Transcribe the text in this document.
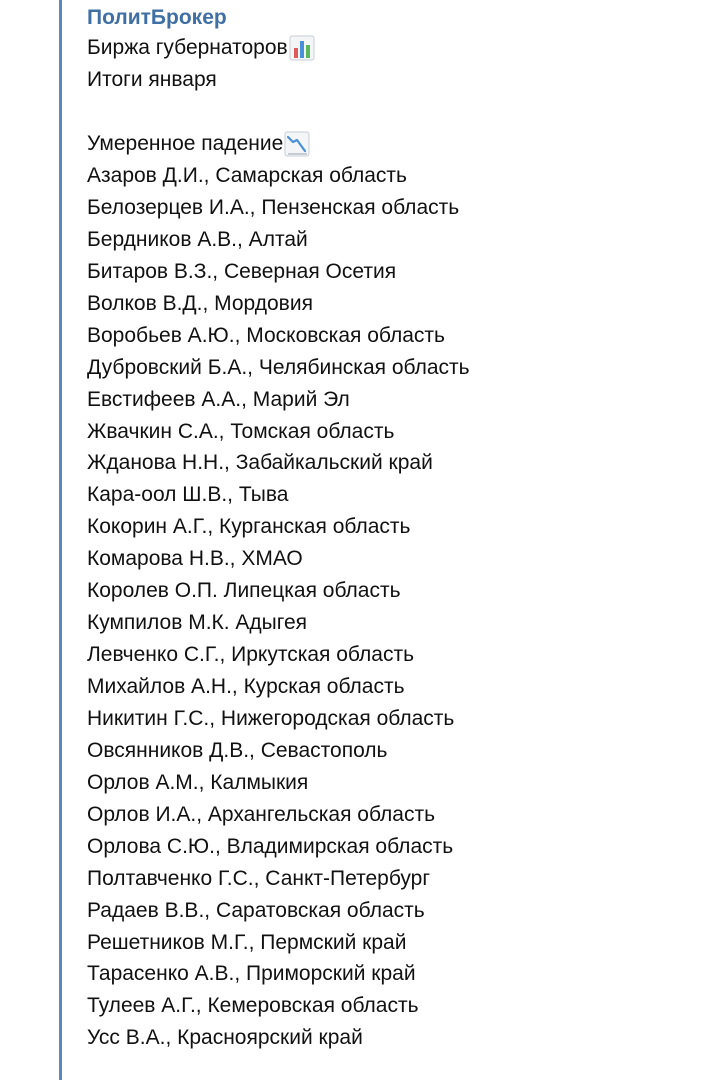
ПолитБрокер
Биржа губернаторов
Итоги января
Умеренное падение
Азаров Д.И., Самарская область
Белозерцев И.А., Пензенская область
Бердников А.В., Алтай
Битаров В.З., Северная Осетия
Волков В.Д., Мордовия
Воробьев А.Ю., Московская область
Дубровский Б.А., Челябинская область
Евстифеев А.А., Марий Эл
Жвачкин С.А., Томская область
Жданова Н.Н., Забайкальский край
Кара-оол Ш.В., Тыва
Кокорин А.Г., Курганская область
Комарова Н.В., ХМАО
Королев О.П. Липецкая область
Кумпилов М.К. Адыгея
Левченко С.Г., Иркутская область
Михайлов А.Н., Курская область
Никитин Г.С., Нижегородская область
Овсянников Д.В., Севастополь
Орлов А.М., Калмыкия
Орлов И.А., Архангельская область
Орлова С.Ю., Владимирская область
Полтавченко Г.С., Санкт-Петербург
Радаев В.В., Саратовская область
Решетников М.Г., Пермский край
Тарасенко А.В., Приморский край
Тулеев А.Г., Кемеровская область
Усс В.А., Красноярский край
